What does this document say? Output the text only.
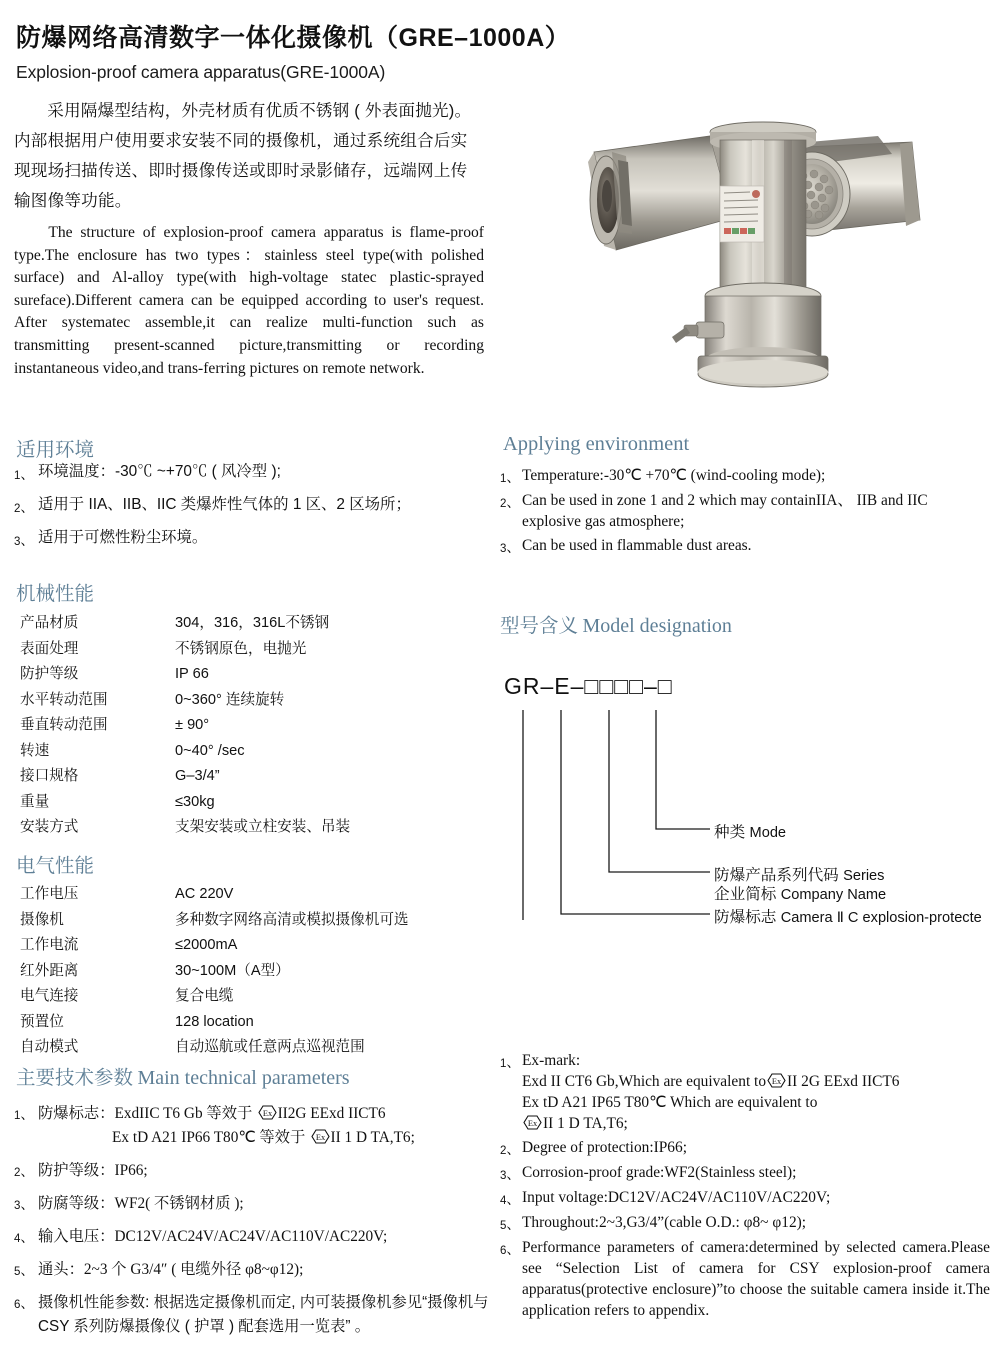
防爆网络高清数字一体化摄像机（GRE–1000A）
Explosion-proof camera apparatus(GRE-1000A)
采用隔爆型结构，外壳材质有优质不锈钢 ( 外表面抛光)。内部根据用户使用要求安装不同的摄像机，通过系统组合后实现现场扫描传送、即时摄像传送或即时录影储存，远端网上传输图像等功能。
The structure of explosion-proof camera apparatus is flame-proof type.The enclosure has two types：stainless steel type(with polished surface) and Al-alloy type(with high-voltage statec plastic-sprayed sureface).Different camera can be equipped according to user's request. After systematec assemble,it can realize multi-function such as transmitting present-scanned picture,transmitting or recording instantaneous video,and trans-ferring pictures on remote network.
适用环境
1、 环境温度：-30℃ ~+70℃ ( 风冷型 );
2、 适用于 IIA、IIB、IIC 类爆炸性气体的 1 区、2 区场所；
3、 适用于可燃性粉尘环境。
Applying environment
1、 Temperature:-30℃ +70℃ (wind-cooling mode);
2、 Can be used in zone 1 and 2 which may containIIA、 IIB and IIC explosive gas atmosphere;
3、 Can be used in flammable dust areas.
机械性能
产品材质	304，316，316L不锈钢
表面处理	不锈钢原色，电抛光
防护等级	IP 66
水平转动范围	0~360° 连续旋转
垂直转动范围	± 90°
转速	0~40° /sec
接口规格	G–3/4”
重量	≤30kg
安装方式	支架安装或立柱安装、吊装
电气性能
工作电压	AC 220V
摄像机	多种数字网络高清或模拟摄像机可选
工作电流	≤2000mA
红外距离	30~100M（A型）
电气连接	复合电缆
预置位	128 location
自动模式	自动巡航或任意两点巡视范围
型号含义 Model designation
GR–E–□□□□–□
种类 Mode
防爆产品系列代码 Series
防爆标志 Camera Ⅱ C explosion-protecte
企业简标 Company Name
主要技术参数 Main technical parameters
1、 防爆标志：ExdIIC T6 Gb 等效于 Ex II2G EExd IICT6
Ex tD A21 IP66 T80℃ 等效于 Ex II 1 D TA,T6;
2、 防护等级：IP66;
3、 防腐等级：WF2( 不锈钢材质 );
4、 输入电压：DC12V/AC24V/AC24V/AC110V/AC220V;
5、 通头：2~3 个 G3/4″ ( 电缆外径 φ8~φ12);
6、 摄像机性能参数: 根据选定摄像机而定, 内可装摄像机参见“摄像机与 CSY 系列防爆摄像仪 ( 护罩 ) 配套选用一览表” 。
1、 Ex-mark:
Exd II CT6 Gb,Which are equivalent to Ex II 2G EExd IICT6
Ex tD A21 IP65 T80℃ Which are equivalent to

Ex II 1 D TA,T6;
2、 Degree of protection:IP66;
3、 Corrosion-proof grade:WF2(Stainless steel);
4、 Input voltage:DC12V/AC24V/AC110V/AC220V;
5、 Throughout:2~3,G3/4”(cable O.D.: φ8~ φ12);
6、 Performance parameters of camera:determined by selected camera.Please see “Selection List of camera for CSY explosion-proof camera apparatus(protective enclosure)”to choose the suitable camera inside it.The application refers to appendix.
